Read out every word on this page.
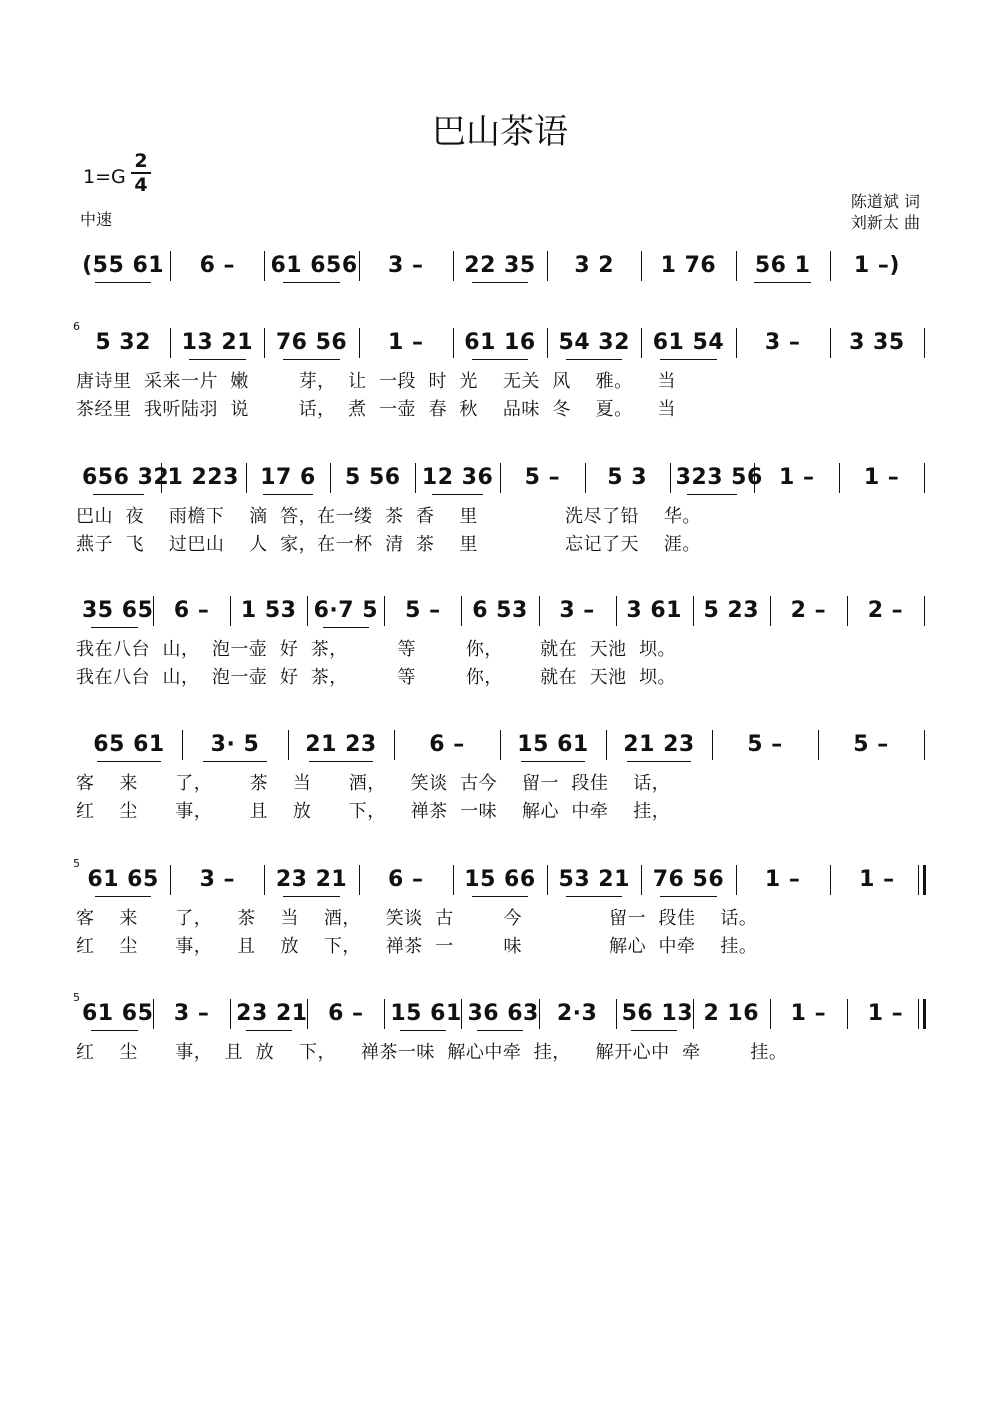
巴山茶语
1=G
2
4
中速
陈道斌 词
刘新太 曲
(55 61	6 –	61 656	3 –	22 35	3 2	1 76	56 1	1 –)
6
5 32	13 21 76 56	1 –	61 16 54 32 61 54	3 –	3 35
唐诗里  采来一片  嫩        芽，  让  一段  时  光    无关  风    雅。    当
茶经里  我听陆羽  说        话，  煮  一壶  春  秋    品味  冬    夏。    当
656 32
1 223 17 6	5 56 12 36	5 –	5 3	323 56 1 –	1 –
巴山  夜    雨檐下    滴  答，在一缕  茶  香    里              洗尽了铅    华。
燕子  飞    过巴山    人  家，在一杯  清  茶    里              忘记了天    涯。
35 65 6 –	1 53 6·7 5	5 –	6 53	3 –	3 61 5 23	2 –	2 –
我在八台  山，  泡一壶  好  茶，        等        你，      就在  天池  坝。
我在八台  山，  泡一壶  好  茶，        等        你，      就在  天池  坝。
65 61	3· 5	21 23	6 –	15 61	21 23	5 –	5 –
客    来      了，      茶    当      酒，    笑谈  古今    留一  段佳    话，
红    尘      事，      且    放      下，    禅茶  一味    解心  中牵    挂，
5
61 65	3 –	23 21	6 –	15 66 53 21 76 56	1 –	1 –
客    来      了，    茶    当    酒，    笑谈  古        今              留一  段佳    话。
红    尘      事，    且    放    下，    禅茶  一        味              解心  中牵    挂。
5
61 65 3 –	23 21 6 –	15 61 36 63 2·3	56 13 2 16	1 –	1 –
红    尘      事，  且  放    下，    禅茶一味  解心中牵  挂，    解开心中  牵        挂。
